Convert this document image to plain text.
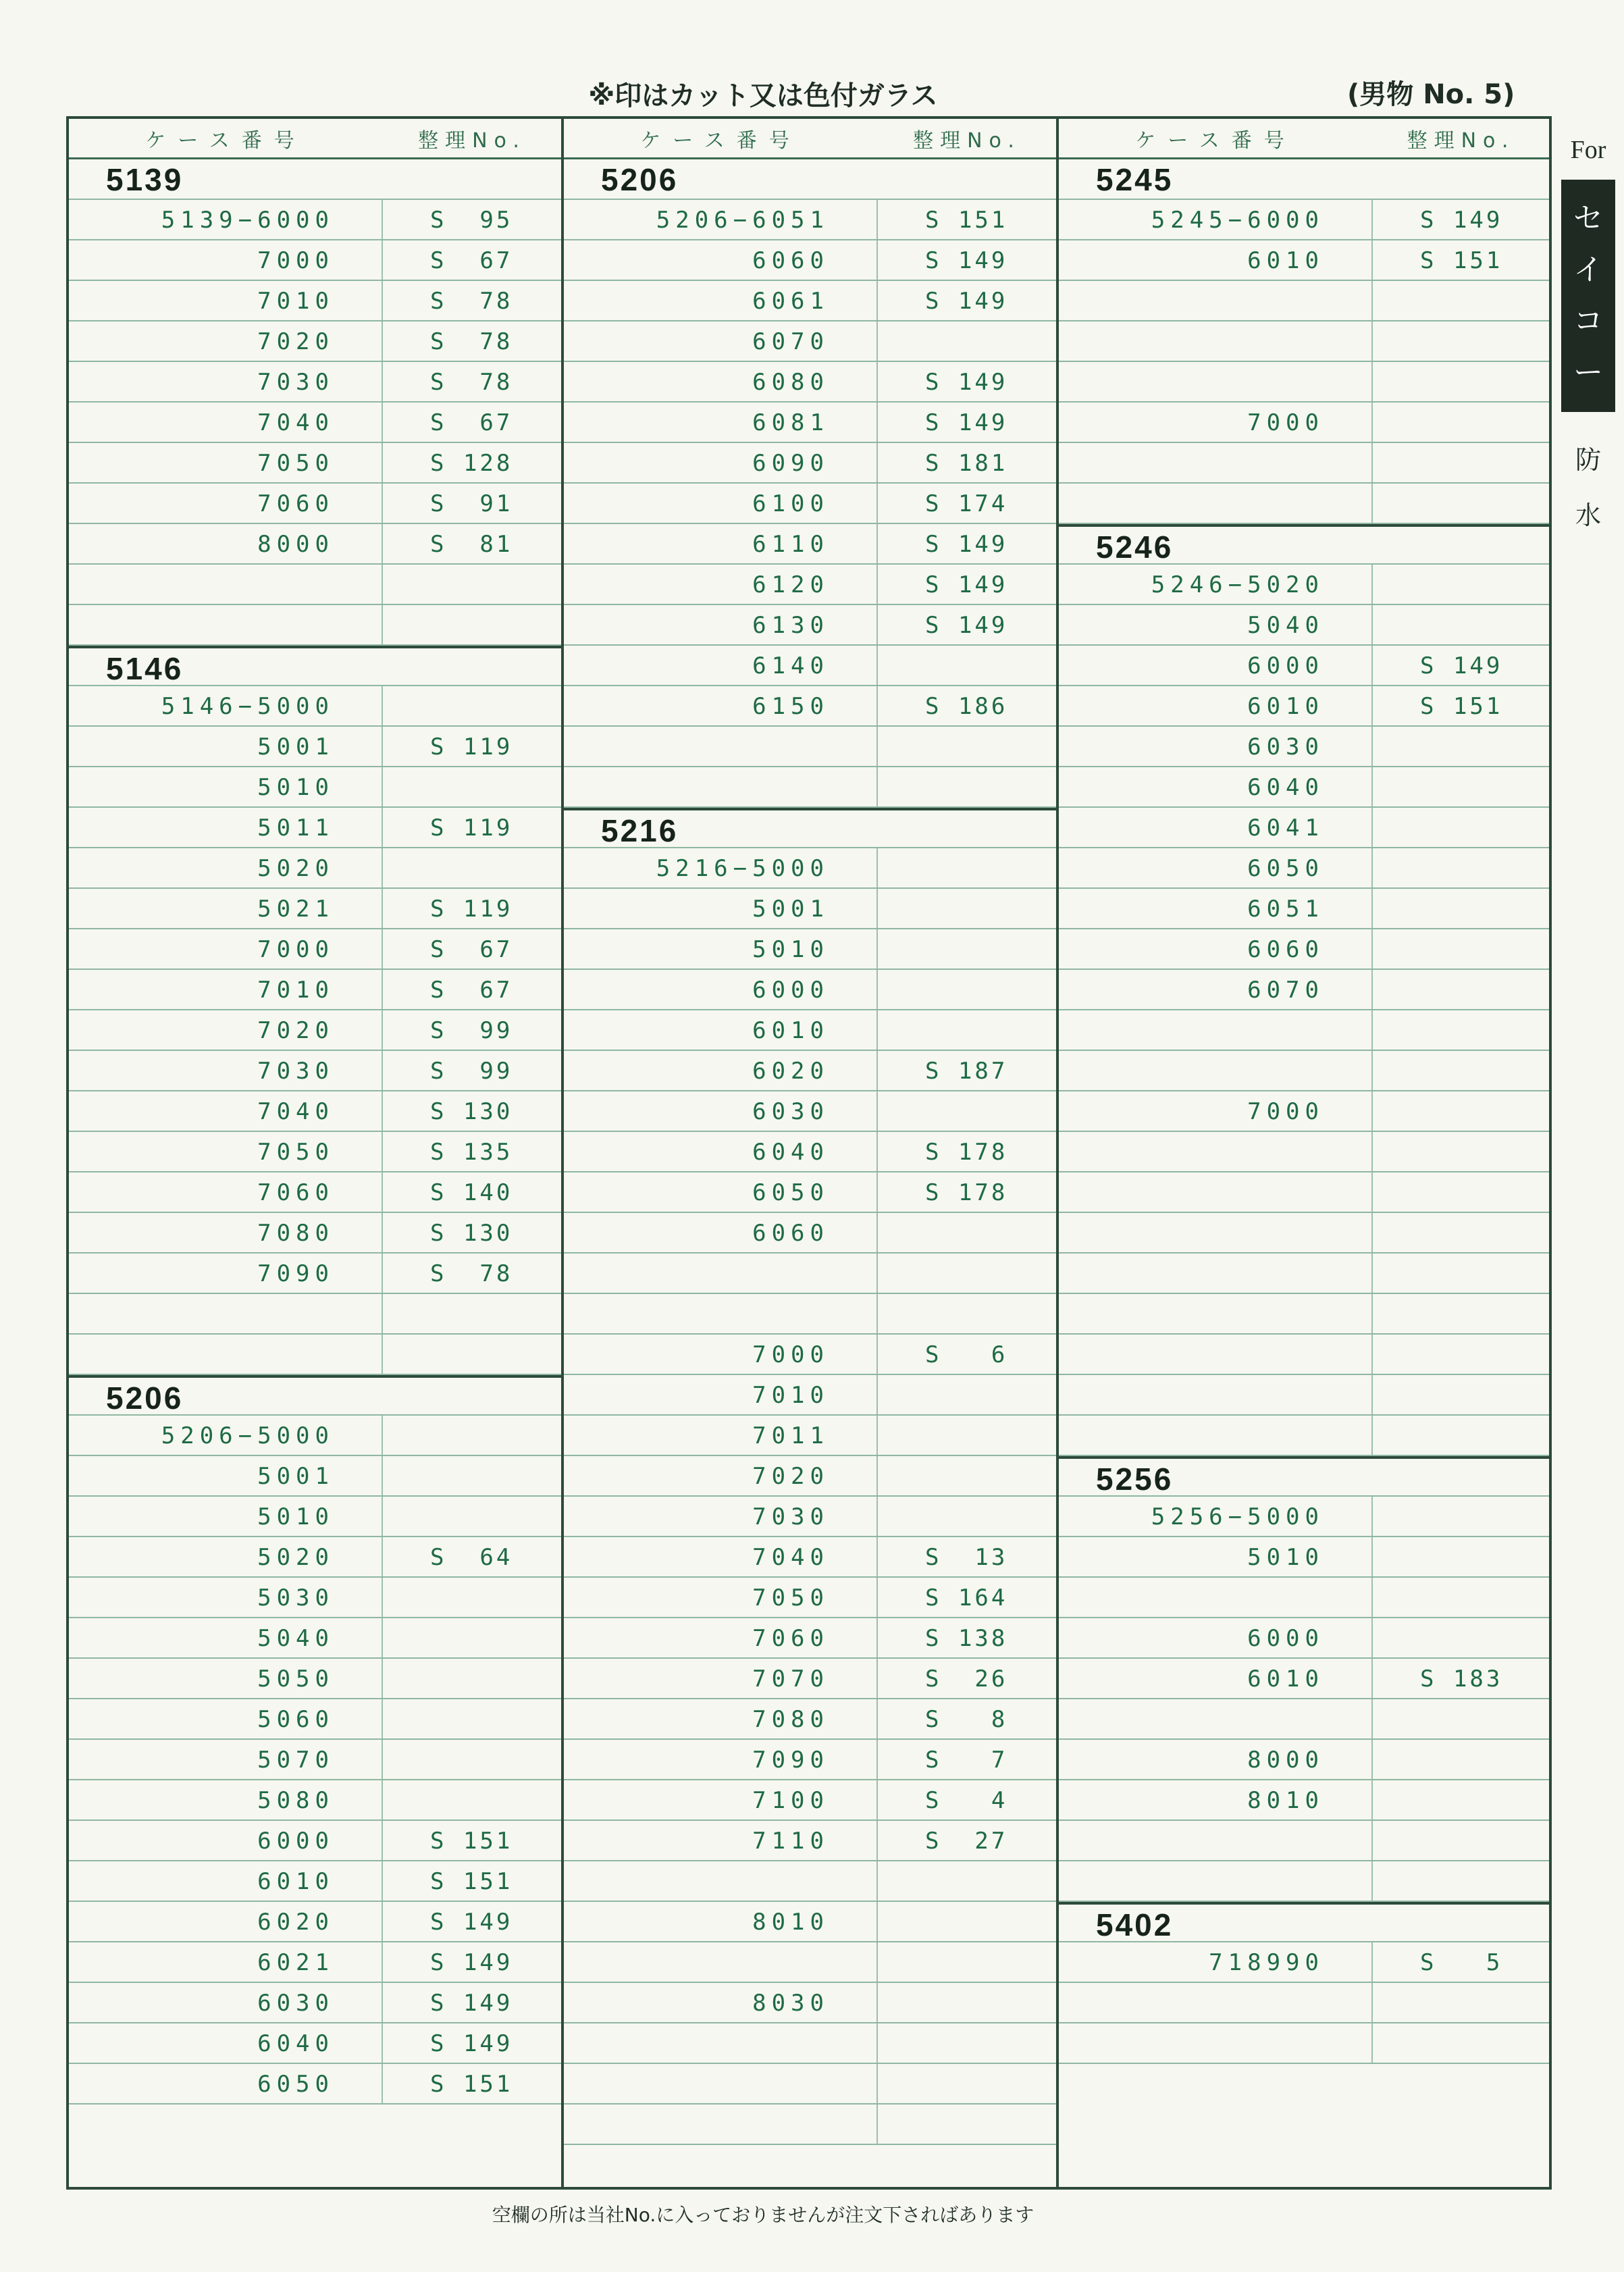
※印はカット又は色付ガラス	(男物 No. 5)
ケース番号	整理No.
5139
5139−6000	S  95
7000	S  67
7010	S  78
7020	S  78
7030	S  78
7040	S  67
7050	S 128
7060	S  91
8000	S  81
5146
5146−5000
5001	S 119
5010
5011	S 119
5020
5021	S 119
7000	S  67
7010	S  67
7020	S  99
7030	S  99
7040	S 130
7050	S 135
7060	S 140
7080	S 130
7090	S  78
5206
5206−5000
5001
5010
5020	S  64
5030
5040
5050
5060
5070
5080
6000	S 151
6010	S 151
6020	S 149
6021	S 149
6030	S 149
6040	S 149
6050	S 151
ケース番号	整理No.
5206
5206−6051	S 151
6060	S 149
6061	S 149
6070
6080	S 149
6081	S 149
6090	S 181
6100	S 174
6110	S 149
6120	S 149
6130	S 149
6140
6150	S 186
5216
5216−5000
5001
5010
6000
6010
6020	S 187
6030
6040	S 178
6050	S 178
6060
7000	S   6
7010
7011
7020
7030
7040	S  13
7050	S 164
7060	S 138
7070	S  26
7080	S   8
7090	S   7
7100	S   4
7110	S  27
8010
8030
ケース番号	整理No.
5245
5245−6000	S 149
6010	S 151
7000
5246
5246−5020
5040
6000	S 149
6010	S 151
6030
6040
6041
6050
6051
6060
6070
7000
5256
5256−5000
5010
6000
6010	S 183
8000
8010
5402
718990	S   5
For
セ
イ
コ
ー
防
水
空欄の所は当社No.に入っておりませんが注文下さればあります
